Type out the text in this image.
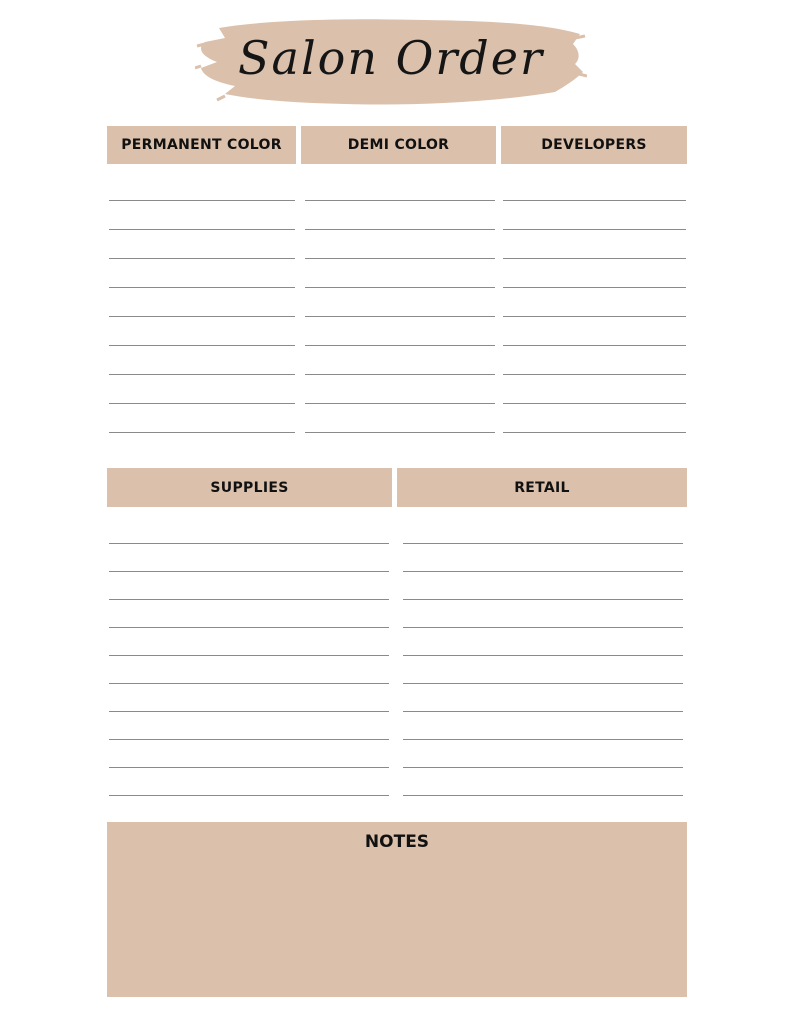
Salon Order
PERMANENT COLOR	DEMI COLOR	DEVELOPERS
SUPPLIES	RETAIL
NOTES
